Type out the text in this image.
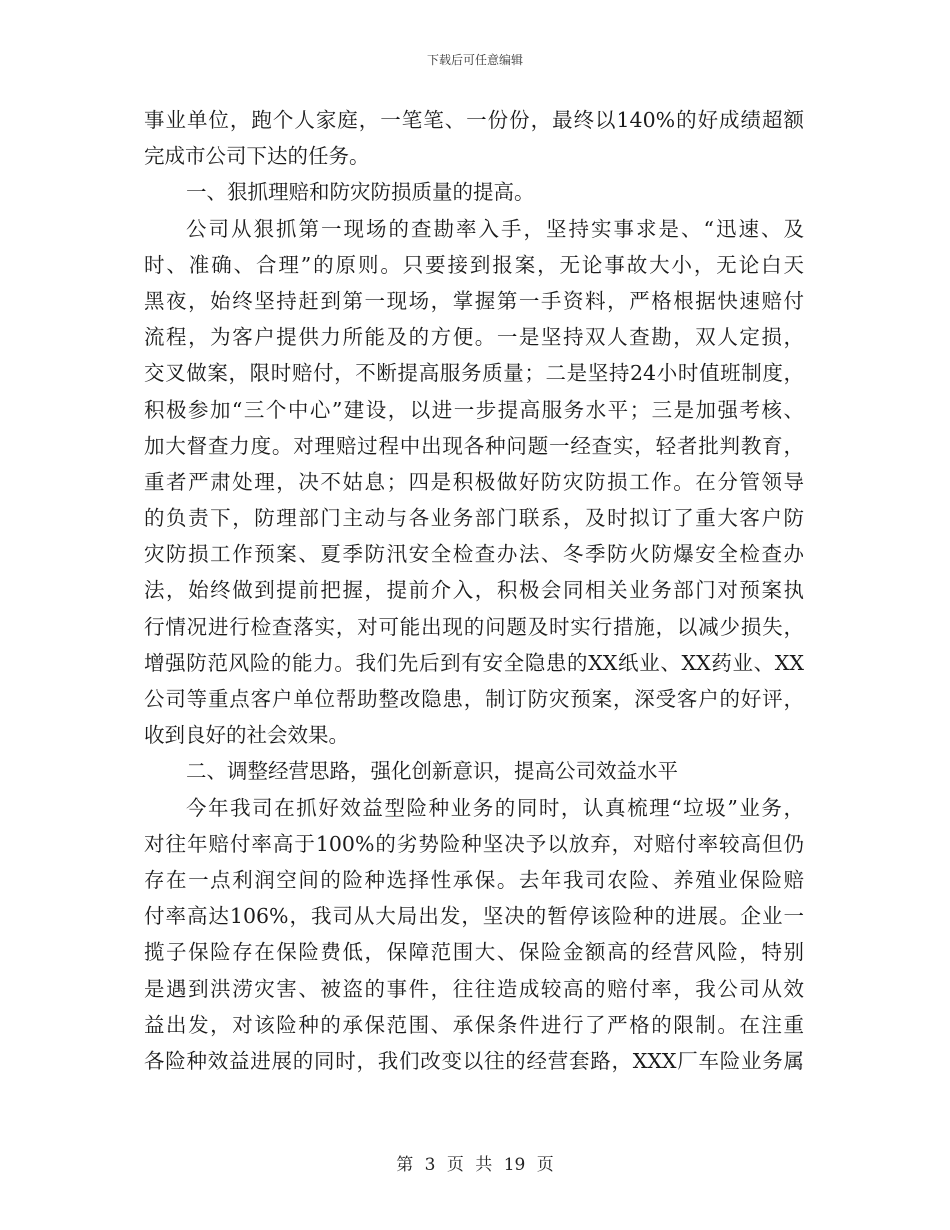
下载后可任意编辑
事业单位，跑个人家庭，一笔笔、一份份，最终以140%的好成绩超额
完成市公司下达的任务。
一、狠抓理赔和防灾防损质量的提高。
公司从狠抓第一现场的查勘率入手，坚持实事求是、“迅速、及
时、准确、合理”的原则。只要接到报案，无论事故大小，无论白天
黑夜，始终坚持赶到第一现场，掌握第一手资料，严格根据快速赔付
流程，为客户提供力所能及的方便。一是坚持双人查勘，双人定损，
交叉做案，限时赔付，不断提高服务质量；二是坚持24小时值班制度，
积极参加“三个中心”建设，以进一步提高服务水平；三是加强考核、
加大督查力度。对理赔过程中出现各种问题一经查实，轻者批判教育，
重者严肃处理，决不姑息；四是积极做好防灾防损工作。在分管领导
的负责下，防理部门主动与各业务部门联系，及时拟订了重大客户防
灾防损工作预案、夏季防汛安全检查办法、冬季防火防爆安全检查办
法，始终做到提前把握，提前介入，积极会同相关业务部门对预案执
行情况进行检查落实，对可能出现的问题及时实行措施，以减少损失，
增强防范风险的能力。我们先后到有安全隐患的XX纸业、XX药业、XX
公司等重点客户单位帮助整改隐患，制订防灾预案，深受客户的好评，
收到良好的社会效果。
二、调整经营思路，强化创新意识，提高公司效益水平
今年我司在抓好效益型险种业务的同时，认真梳理“垃圾”业务，
对往年赔付率高于100%的劣势险种坚决予以放弃，对赔付率较高但仍
存在一点利润空间的险种选择性承保。去年我司农险、养殖业保险赔
付率高达106%，我司从大局出发，坚决的暂停该险种的进展。企业一
揽子保险存在保险费低，保障范围大、保险金额高的经营风险，特别
是遇到洪涝灾害、被盗的事件，往往造成较高的赔付率，我公司从效
益出发，对该险种的承保范围、承保条件进行了严格的限制。在注重
各险种效益进展的同时，我们改变以往的经营套路，XXX厂车险业务属
第 3 页 共 19 页
